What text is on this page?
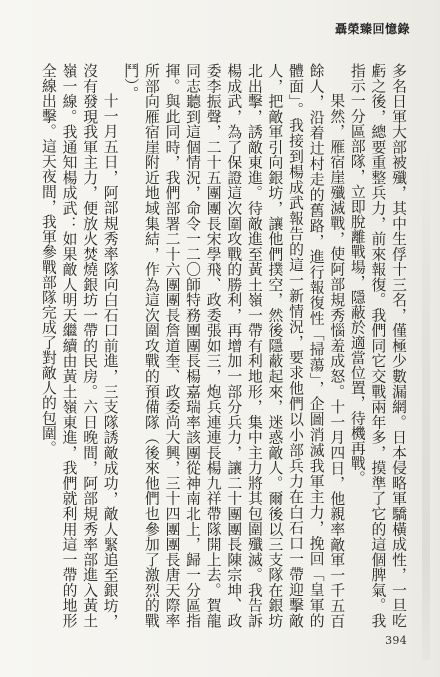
聶榮臻回憶錄

多名日軍大部被殲，其中生俘十三名，僅極少數漏網。日本侵略軍驕橫成性，一旦吃虧之後，總要重整兵力，前來報復。我們同它交戰兩年多，摸準了它的這個脾氣。我指示一分區部隊，立即脫離戰場，隱蔽於適當位置，待機再戰。

果然，雁宿崖殲滅戰，使阿部規秀惱羞成怒。十一月四日，他親率敵軍一千五百餘人，沿着辻村走的舊路，進行報復性「掃蕩」，企圖消滅我軍主力，挽回「皇軍的體面」。我接到楊成武報告的這一新情況，要求他們以小部兵力在白石口一帶迎擊敵人，把敵軍引向銀坊，讓他們撲空，然後隱蔽起來，迷惑敵人。爾後以三支隊在銀坊北出擊，誘敵東進。待敵進至黃土嶺一帶有利地形，集中主力將其包圍殲滅。我告訴楊成武，為了保證這次圍攻戰的勝利，再增加一部分兵力，讓二十團團長陳宗坤、政委李振聲，二十五團團長宋學飛、政委張如三，炮兵連連長楊九祥帶隊開上去。賀龍同志聽到這個情況，命令一二〇師特務團團長楊嘉瑞率該團從神南北上，歸一分區指揮。與此同時，我們部署二十六團團長詹道奎、政委尚大興，三十四團團長唐天際率所部向雁宿崖附近地域集結，作為這次圍攻戰的預備隊（後來他們也參加了激烈的戰鬥）。

十一月五日，阿部規秀率隊向白石口前進，三支隊誘敵成功，敵人緊追至銀坊，沒有發現我軍主力，便放火焚燒銀坊一帶的民房。六日晚間，阿部規秀率部進入黃土嶺一線。我通知楊成武：如果敵人明天繼續由黃土嶺東進，我們就利用這一帶的地形全線出擊。這天夜間，我軍參戰部隊完成了對敵人的包圍。

394
